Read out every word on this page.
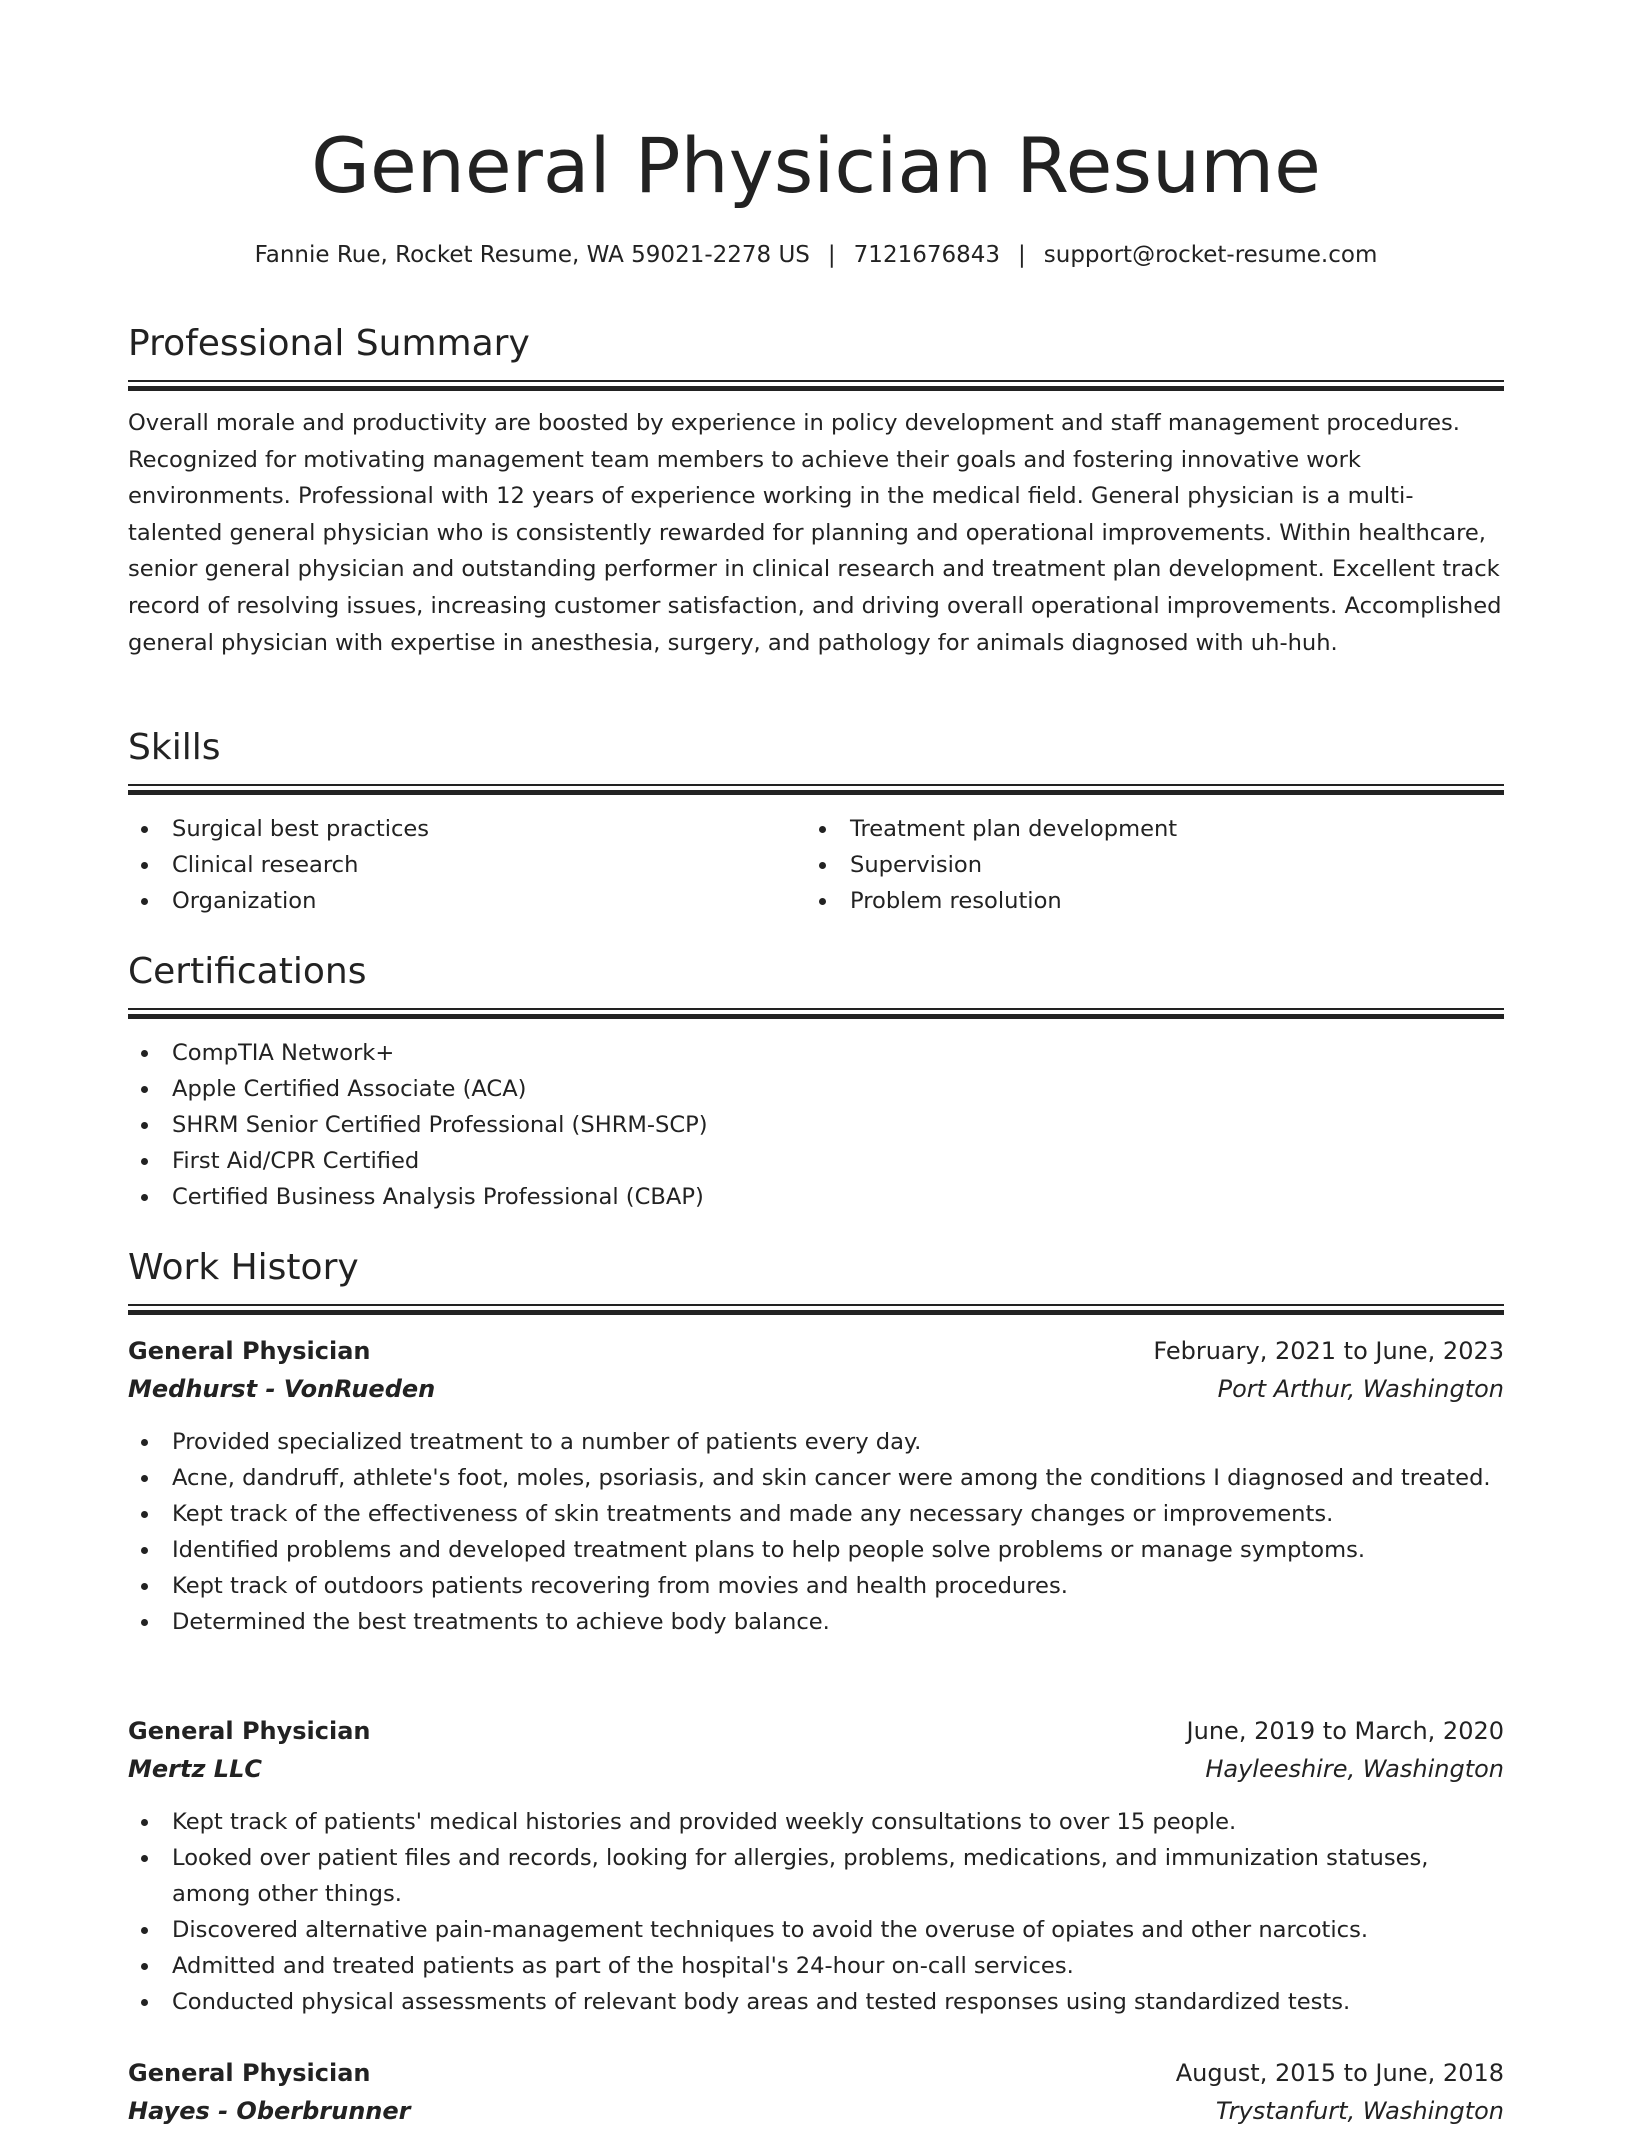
General Physician Resume
Fannie Rue, Rocket Resume, WA 59021-2278 US | 7121676843 | support@rocket-resume.com
Professional Summary
Overall morale and productivity are boosted by experience in policy development and staff management procedures. Recognized for motivating management team members to achieve their goals and fostering innovative work environments. Professional with 12 years of experience working in the medical field. General physician is a multi-talented general physician who is consistently rewarded for planning and operational improvements. Within healthcare, senior general physician and outstanding performer in clinical research and treatment plan development. Excellent track record of resolving issues, increasing customer satisfaction, and driving overall operational improvements. Accomplished general physician with expertise in anesthesia, surgery, and pathology for animals diagnosed with uh-huh.
Skills
Surgical best practices
Clinical research
Organization
Treatment plan development
Supervision
Problem resolution
Certifications
CompTIA Network+
Apple Certified Associate (ACA)
SHRM Senior Certified Professional (SHRM-SCP)
First Aid/CPR Certified
Certified Business Analysis Professional (CBAP)
Work History
General Physician	February, 2021 to June, 2023
Medhurst - VonRueden	Port Arthur, Washington
Provided specialized treatment to a number of patients every day.
Acne, dandruff, athlete's foot, moles, psoriasis, and skin cancer were among the conditions I diagnosed and treated.
Kept track of the effectiveness of skin treatments and made any necessary changes or improvements.
Identified problems and developed treatment plans to help people solve problems or manage symptoms.
Kept track of outdoors patients recovering from movies and health procedures.
Determined the best treatments to achieve body balance.
General Physician	June, 2019 to March, 2020
Mertz LLC	Hayleeshire, Washington
Kept track of patients' medical histories and provided weekly consultations to over 15 people.
Looked over patient files and records, looking for allergies, problems, medications, and immunization statuses, among other things.
Discovered alternative pain-management techniques to avoid the overuse of opiates and other narcotics.
Admitted and treated patients as part of the hospital's 24-hour on-call services.
Conducted physical assessments of relevant body areas and tested responses using standardized tests.
General Physician	August, 2015 to June, 2018
Hayes - Oberbrunner	Trystanfurt, Washington
